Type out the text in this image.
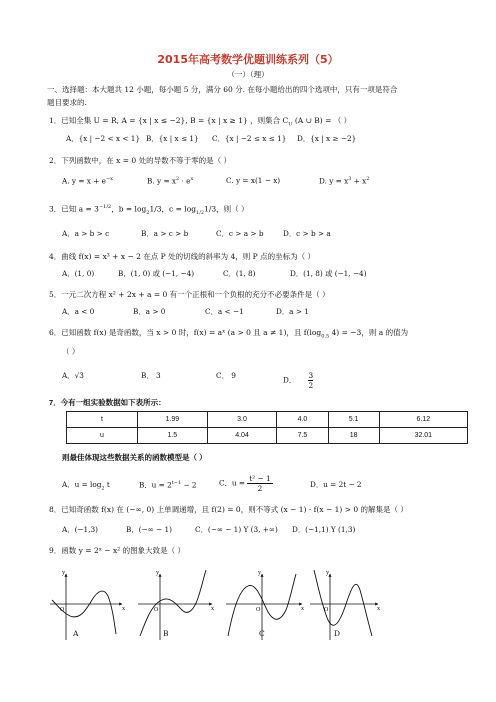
2015年高考数学优题训练系列（5）
（一）（理）
一、选择题：本大题共 12 小题，每小题 5 分，满分 60 分. 在每小题给出的四个选项中，只有一项是符合
题目要求的.
1．已知全集 U = R, A = {x | x ≤ −2}, B = {x | x ≥ 1} ，则集合 $C_U$ (A ∪ B) = （ ）
A．{x | −2 < x < 1} B．{x | x ≤ 1} C．{x | −2 ≤ x ≤ 1} D．{x | x ≥ −2}
2．下列函数中，在 x = 0 处的导数不等于零的是（ ）
A. $y = x + e^{-x}$	B. $y = x^2 \cdot e^x$	C. y = x(1 − x)	D. $y = x^3 + x^2$
3．已知 $a = 3^{-1/2}$，$b = \log_21/3$，$c = \log_{1/2}1/3$，则（ ）
A．a > b > c	B．a > c > b	C．c > a > b	D．c > b > a
4．曲线 f(x) = x³ + x − 2 在点 P 处的切线的斜率为 4，则 P 点的坐标为（ ）
A．(1, 0)	B．(1, 0) 或 (−1, −4)	C．(1, 8)	D．(1, 8) 或 (−1, −4)
5．一元二次方程 x² + 2x + a = 0 有一个正根和一个负根的充分不必要条件是（ ）
A．a < 0	B．a > 0	C．a < −1	D．a > 1
6．已知函数 f(x) 是奇函数，当 x > 0 时，f(x) = aˣ (a > 0 且 a ≠ 1)，且 $f(\log_{0.5}$ 4) = −3，则 a 的值为
（ ）
A．√3	B． 3	C． 9	D． $\frac{3}{2}$
7．今有一组实验数据如下表所示：
t	1.99	3.0	4.0	5.1	6.12
u	1.5	4.04	7.5	18	32.01
则最佳体现这些数据关系的函数模型是（ ）
A．$u = \log_2 t$	B．$u = 2^{t-1} - 2$	C．$u = \frac{\text{t² − 1}}{2}$	D．u = 2t − 2
8．已知奇函数 f(x) 在 (−∞, 0) 上单调递增，且 f(2) = 0，则不等式 (x − 1) · f(x − 1) > 0 的解集是（ ）
A．(−1,3)	B．(−∞ − 1)	C．(−∞ − 1) Y (3, +∞) D．(−1,1) Y (1,3)
9．函数 y = 2ˣ − x² 的图象大致是（ ）
y
x
O
y
x
O
y
x
O
y
x
O
A	B	C	D
